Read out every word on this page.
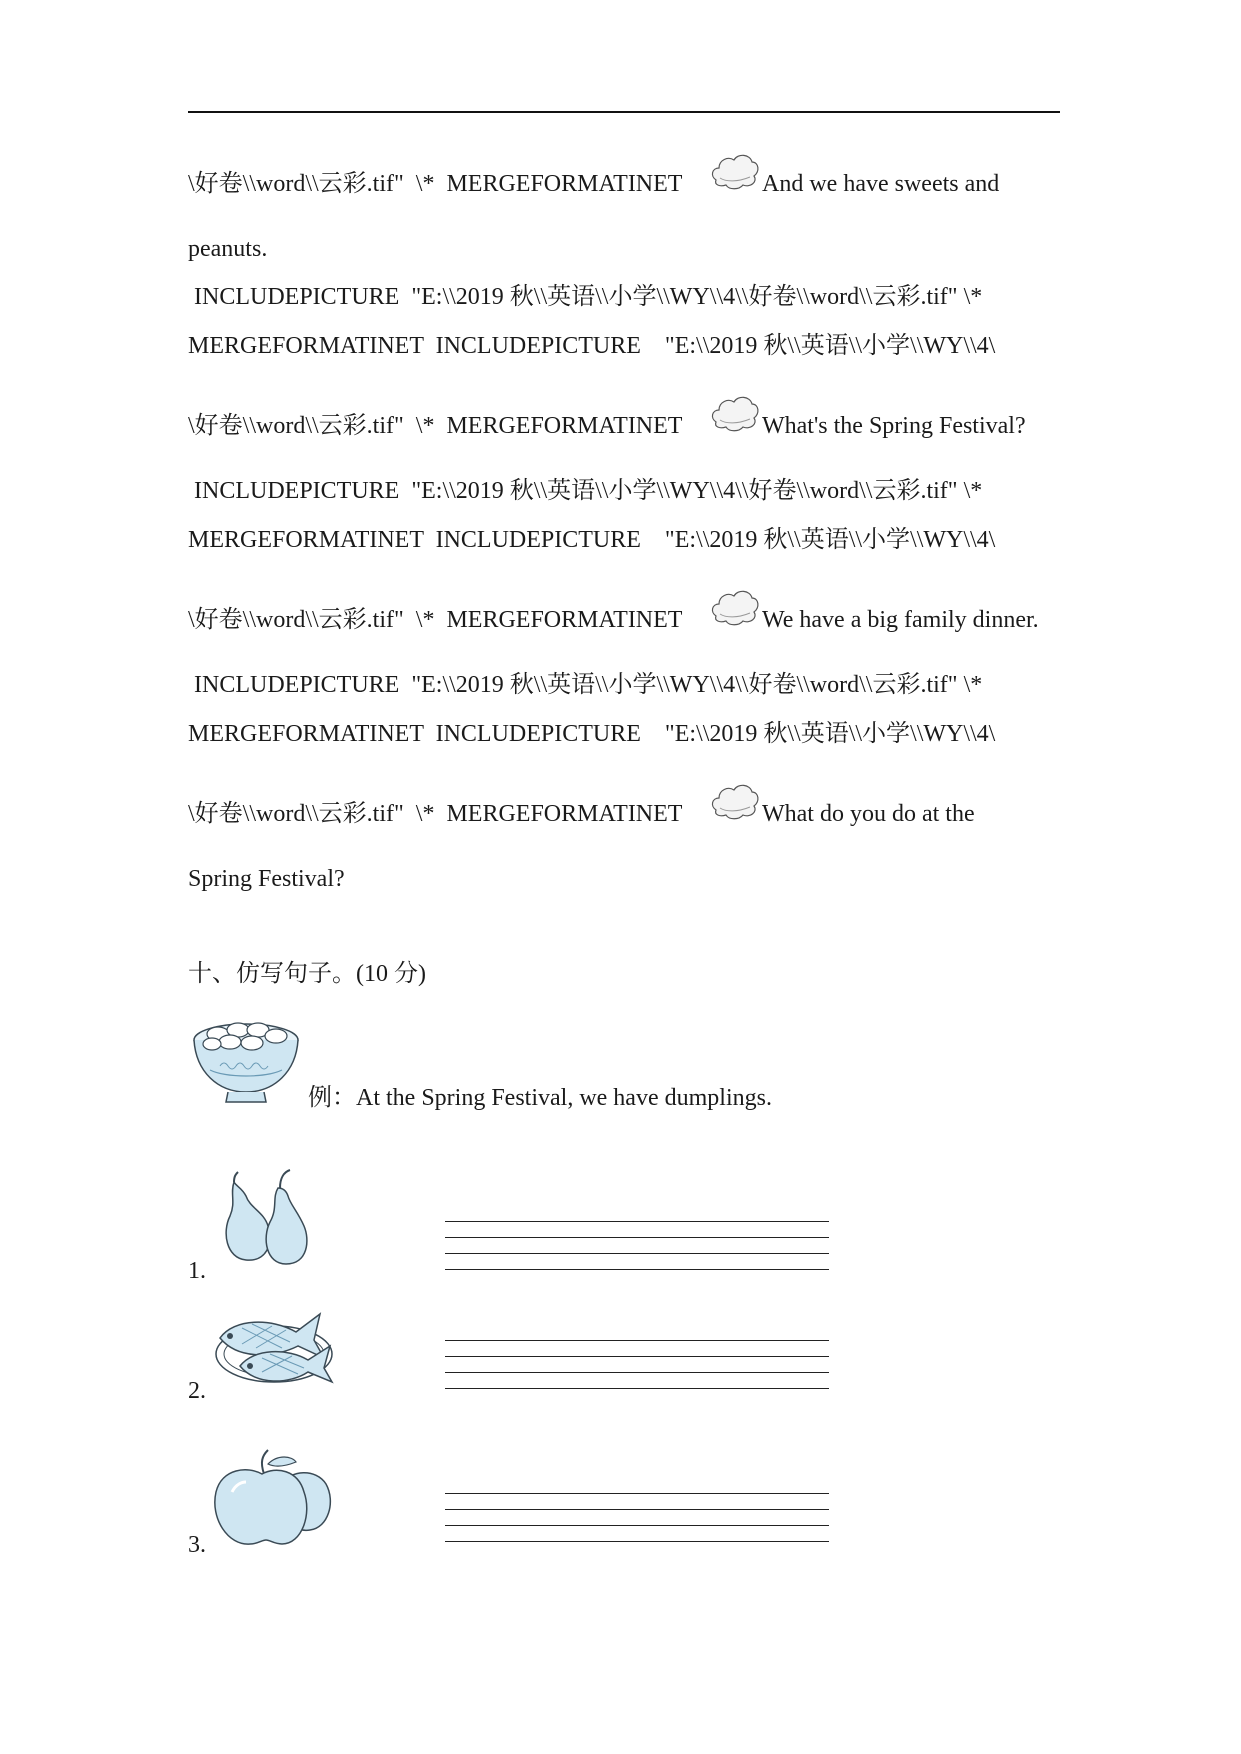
\好卷\\word\\云彩.tif"  \*  MERGEFORMATINET	And we have sweets and
peanuts.
INCLUDEPICTURE  "E:\\2019 秋\\英语\\小学\\WY\\4\\好卷\\word\\云彩.tif" \*
MERGEFORMATINET  INCLUDEPICTURE    "E:\\2019 秋\\英语\\小学\\WY\\4\
\好卷\\word\\云彩.tif"  \*  MERGEFORMATINET	What's the Spring Festival?
INCLUDEPICTURE  "E:\\2019 秋\\英语\\小学\\WY\\4\\好卷\\word\\云彩.tif" \*
MERGEFORMATINET  INCLUDEPICTURE    "E:\\2019 秋\\英语\\小学\\WY\\4\
\好卷\\word\\云彩.tif"  \*  MERGEFORMATINET	We have a big family dinner.
INCLUDEPICTURE  "E:\\2019 秋\\英语\\小学\\WY\\4\\好卷\\word\\云彩.tif" \*
MERGEFORMATINET  INCLUDEPICTURE    "E:\\2019 秋\\英语\\小学\\WY\\4\
\好卷\\word\\云彩.tif"  \*  MERGEFORMATINET	What do you do at the
Spring Festival?
十、仿写句子。(10 分)
例：At the Spring Festival, we have dumplings.
1.
2.
3.
